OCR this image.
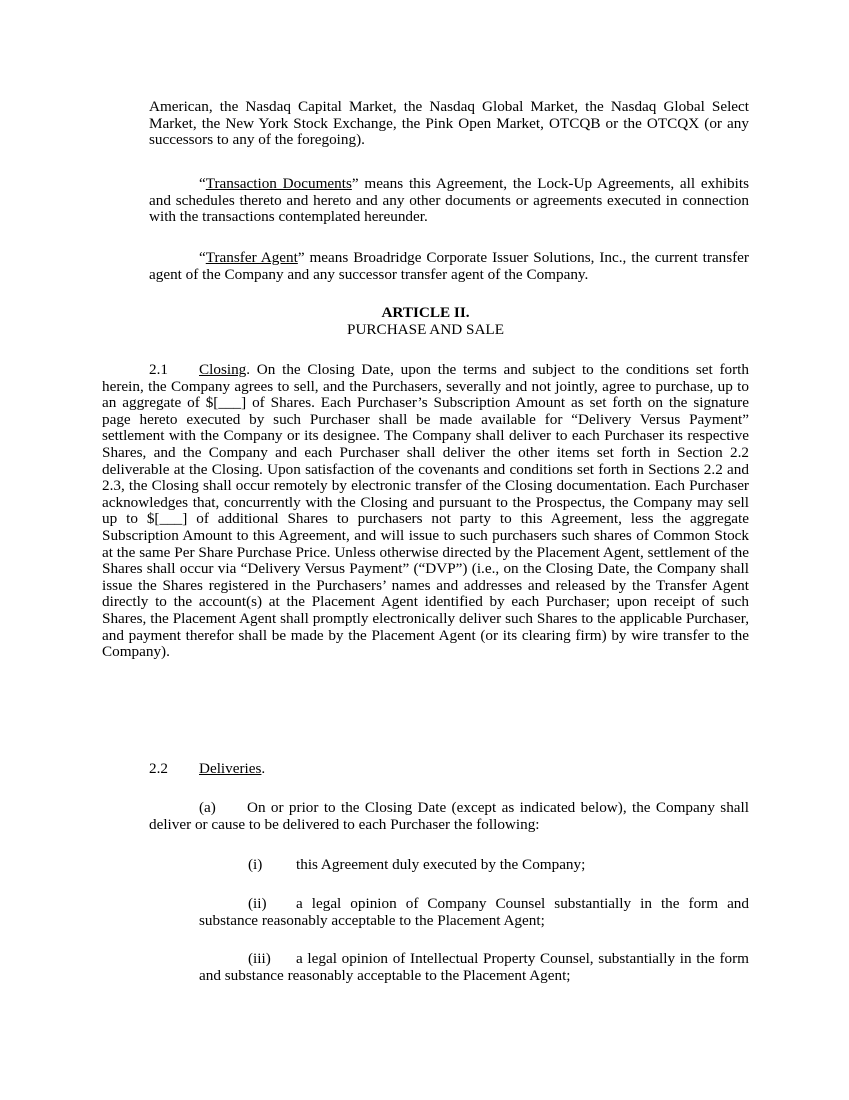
American, the Nasdaq Capital Market, the Nasdaq Global Market, the Nasdaq Global Select Market, the New York Stock Exchange, the Pink Open Market, OTCQB or the OTCQX (or any successors to any of the foregoing).

“Transaction Documents” means this Agreement, the Lock-Up Agreements, all exhibits and schedules thereto and hereto and any other documents or agreements executed in connection with the transactions contemplated hereunder.

“Transfer Agent” means Broadridge Corporate Issuer Solutions, Inc., the current transfer agent of the Company and any successor transfer agent of the Company.

ARTICLE II.

PURCHASE AND SALE

2.1 Closing. On the Closing Date, upon the terms and subject to the conditions set forth herein, the Company agrees to sell, and the Purchasers, severally and not jointly, agree to purchase, up to an aggregate of $[___] of Shares. Each Purchaser’s Subscription Amount as set forth on the signature page hereto executed by such Purchaser shall be made available for “Delivery Versus Payment” settlement with the Company or its designee. The Company shall deliver to each Purchaser its respective Shares, and the Company and each Purchaser shall deliver the other items set forth in Section 2.2 deliverable at the Closing. Upon satisfaction of the covenants and conditions set forth in Sections 2.2 and 2.3, the Closing shall occur remotely by electronic transfer of the Closing documentation. Each Purchaser acknowledges that, concurrently with the Closing and pursuant to the Prospectus, the Company may sell up to $[___] of additional Shares to purchasers not party to this Agreement, less the aggregate Subscription Amount to this Agreement, and will issue to such purchasers such shares of Common Stock at the same Per Share Purchase Price. Unless otherwise directed by the Placement Agent, settlement of the Shares shall occur via “Delivery Versus Payment” (“DVP”) (i.e., on the Closing Date, the Company shall issue the Shares registered in the Purchasers’ names and addresses and released by the Transfer Agent directly to the account(s) at the Placement Agent identified by each Purchaser; upon receipt of such Shares, the Placement Agent shall promptly electronically deliver such Shares to the applicable Purchaser, and payment therefor shall be made by the Placement Agent (or its clearing firm) by wire transfer to the Company).

2.2 Deliveries.

(a) On or prior to the Closing Date (except as indicated below), the Company shall deliver or cause to be delivered to each Purchaser the following:

(i) this Agreement duly executed by the Company;

(ii) a legal opinion of Company Counsel substantially in the form and substance reasonably acceptable to the Placement Agent;

(iii) a legal opinion of Intellectual Property Counsel, substantially in the form and substance reasonably acceptable to the Placement Agent;
